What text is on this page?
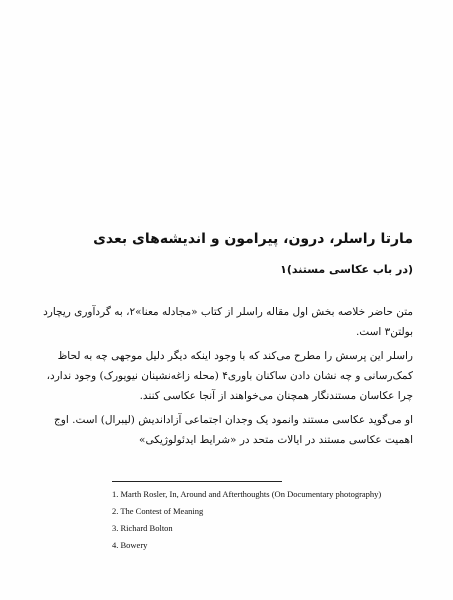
مارتا راسلر، درون، پیرامون و اندیشه‌های بعدی
(در باب عکاسی مستند)۱

متن حاضر خلاصه بخش اول مقاله راسلر از کتاب «مجادله معنا»۲، به گردآوری ریچارد بولتن۳ است.

راسلر این پرسش را مطرح می‌کند که با وجود اینکه دیگر دلیل موجهی چه به لحاظ کمک‌رسانی و چه نشان دادن ساکنان باوری۴ (محله زاغه‌نشینان نیویورک) وجود ندارد، چرا عکاسان مستندنگار همچنان می‌خواهند از آنجا عکاسی کنند.

او می‌گوید عکاسی مستند وانمود یک وجدان اجتماعی آزاداندیش (لیبرال) است. اوج اهمیت عکاسی مستند در ایالات متحد در «شرایط ایدئولوژیکی»

1. Marth Rosler, In, Around and Afterthoughts (On Documentary photography)
2. The Contest of Meaning
3. Richard Bolton
4. Bowery
